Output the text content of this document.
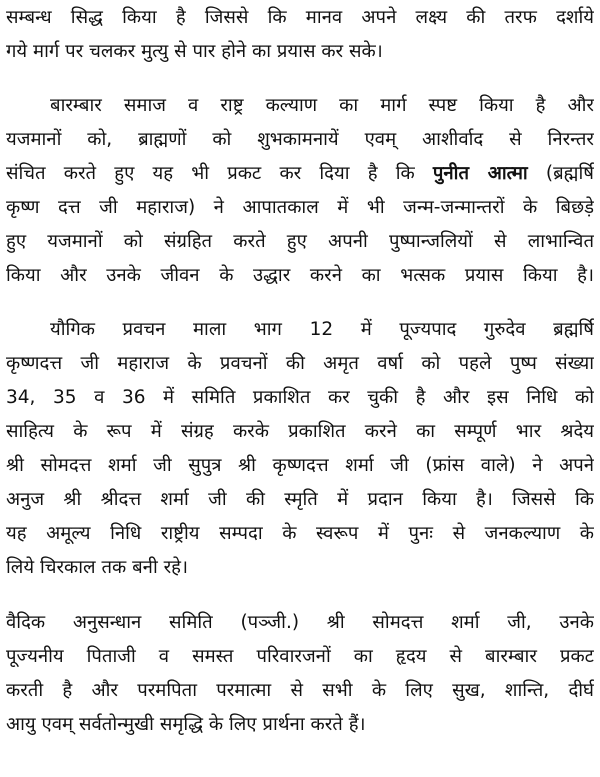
सम्बन्ध सिद्ध किया है जिससे कि मानव अपने लक्ष्य की तरफ दर्शाये
गये मार्ग पर चलकर मुत्यु से पार होने का प्रयास कर सके।
बारम्बार समाज व राष्ट्र कल्याण का मार्ग स्पष्ट किया है और
यजमानों को, ब्राह्मणों को शुभकामनायें एवम् आशीर्वाद से निरन्तर
संचित करते हुए यह भी प्रकट कर दिया है कि पुनीत आत्मा (ब्रह्मर्षि
कृष्ण दत्त जी महाराज) ने आपातकाल में भी जन्म-जन्मान्तरों के बिछड़े
हुए यजमानों को संग्रहित करते हुए अपनी पुष्पान्जलियों से लाभान्वित
किया और उनके जीवन के उद्धार करने का भत्सक प्रयास किया है।
यौगिक प्रवचन माला भाग 12 में पूज्यपाद गुरुदेव ब्रह्मर्षि
कृष्णदत्त जी महाराज के प्रवचनों की अमृत वर्षा को पहले पुष्प संख्या
34, 35 व 36 में समिति प्रकाशित कर चुकी है और इस निधि को
साहित्य के रूप में संग्रह करके प्रकाशित करने का सम्पूर्ण भार श्रदेय
श्री सोमदत्त शर्मा जी सुपुत्र श्री कृष्णदत्त शर्मा जी (फ्रांस वाले) ने अपने
अनुज श्री श्रीदत्त शर्मा जी की स्मृति में प्रदान किया है। जिससे कि
यह अमूल्य निधि राष्ट्रीय सम्पदा के स्वरूप में पुनः से जनकल्याण के
लिये चिरकाल तक बनी रहे।
वैदिक अनुसन्धान समिति (पञ्जी.) श्री सोमदत्त शर्मा जी, उनके
पूज्यनीय पिताजी व समस्त परिवारजनों का हृदय से बारम्बार प्रकट
करती है और परमपिता परमात्मा से सभी के लिए सुख, शान्ति, दीर्घ
आयु एवम् सर्वतोन्मुखी समृद्धि के लिए प्रार्थना करते हैं।
